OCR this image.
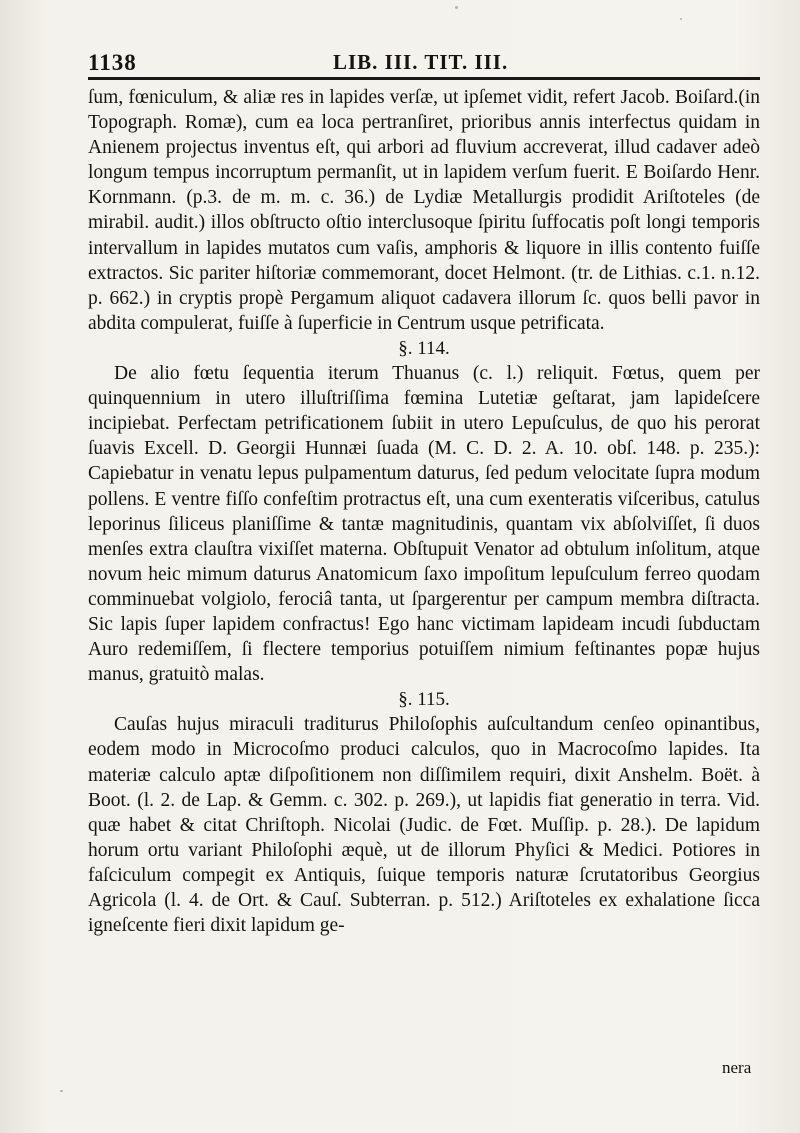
1138	LIB. III. TIT. III.

ſum, fœniculum, & aliæ res in lapides verſæ, ut ipſemet vidit, refert Jacob. Boiſard.(in Topograph. Romæ), cum ea loca pertranſiret, prioribus annis interfectus quidam in Anienem projectus inventus eſt, qui arbori ad fluvium accreverat, illud cadaver adeò longum tempus incorruptum permanſit, ut in lapidem verſum fuerit. E Boiſardo Henr. Kornmann. (p.3. de m. m. c. 36.) de Lydiæ Metallurgis prodidit Ariſtoteles (de mirabil. audit.) illos obſtructo oſtio interclusoque ſpiritu ſuffocatis poſt longi temporis intervallum in lapides mutatos cum vaſis, amphoris & liquore in illis contento fuiſſe extractos. Sic pariter hiſtoriæ commemorant, docet Helmont. (tr. de Lithias. c.1. n.12. p. 662.) in cryptis propè Pergamum aliquot cadavera illorum ſc. quos belli pavor in abdita compulerat, fuiſſe à ſuperficie in Centrum usque petrificata.

§. 114.

De alio fœtu ſequentia iterum Thuanus (c. l.) reliquit. Fœtus, quem per quinquennium in utero illuſtriſſima fœmina Lutetiæ geſtarat, jam lapideſcere incipiebat. Perfectam petrificationem ſubiit in utero Lepuſculus, de quo his perorat ſuavis Excell. D. Georgii Hunnæi ſuada (M. C. D. 2. A. 10. obſ. 148. p. 235.): Capiebatur in venatu lepus pulpamentum daturus, ſed pedum velocitate ſupra modum pollens. E ventre fiſſo confeſtim protractus eſt, una cum exenteratis viſceribus, catulus leporinus ſiliceus planiſſime & tantæ magnitudinis, quantam vix abſolviſſet, ſi duos menſes extra clauſtra vixiſſet materna. Obſtupuit Venator ad obtulum inſolitum, atque novum heic mimum daturus Anatomicum ſaxo impoſitum lepuſculum ferreo quodam comminuebat volgiolo, ferociâ tanta, ut ſpargerentur per campum membra diſtracta. Sic lapis ſuper lapidem confractus! Ego hanc victimam lapideam incudi ſubductam Auro redemiſſem, ſi flectere temporius potuiſſem nimium feſtinantes popæ hujus manus, gratuitò malas.

§. 115.

Cauſas hujus miraculi traditurus Philoſophis auſcultandum cenſeo opinantibus, eodem modo in Microcoſmo produci calculos, quo in Macrocoſmo lapides. Ita materiæ calculo aptæ diſpoſitionem non diſſimilem requiri, dixit Anshelm. Boët. à Boot. (l. 2. de Lap. & Gemm. c. 302. p. 269.), ut lapidis fiat generatio in terra. Vid. quæ habet & citat Chriſtoph. Nicolai (Judic. de Fœt. Muſſip. p. 28.). De lapidum horum ortu variant Philoſophi æquè, ut de illorum Phyſici & Medici. Potiores in faſciculum compegit ex Antiquis, ſuique temporis naturæ ſcrutatoribus Georgius Agricola (l. 4. de Ort. & Cauſ. Subterran. p. 512.) Ariſtoteles ex exhalatione ſicca igneſcente fieri dixit lapidum ge-

nera
